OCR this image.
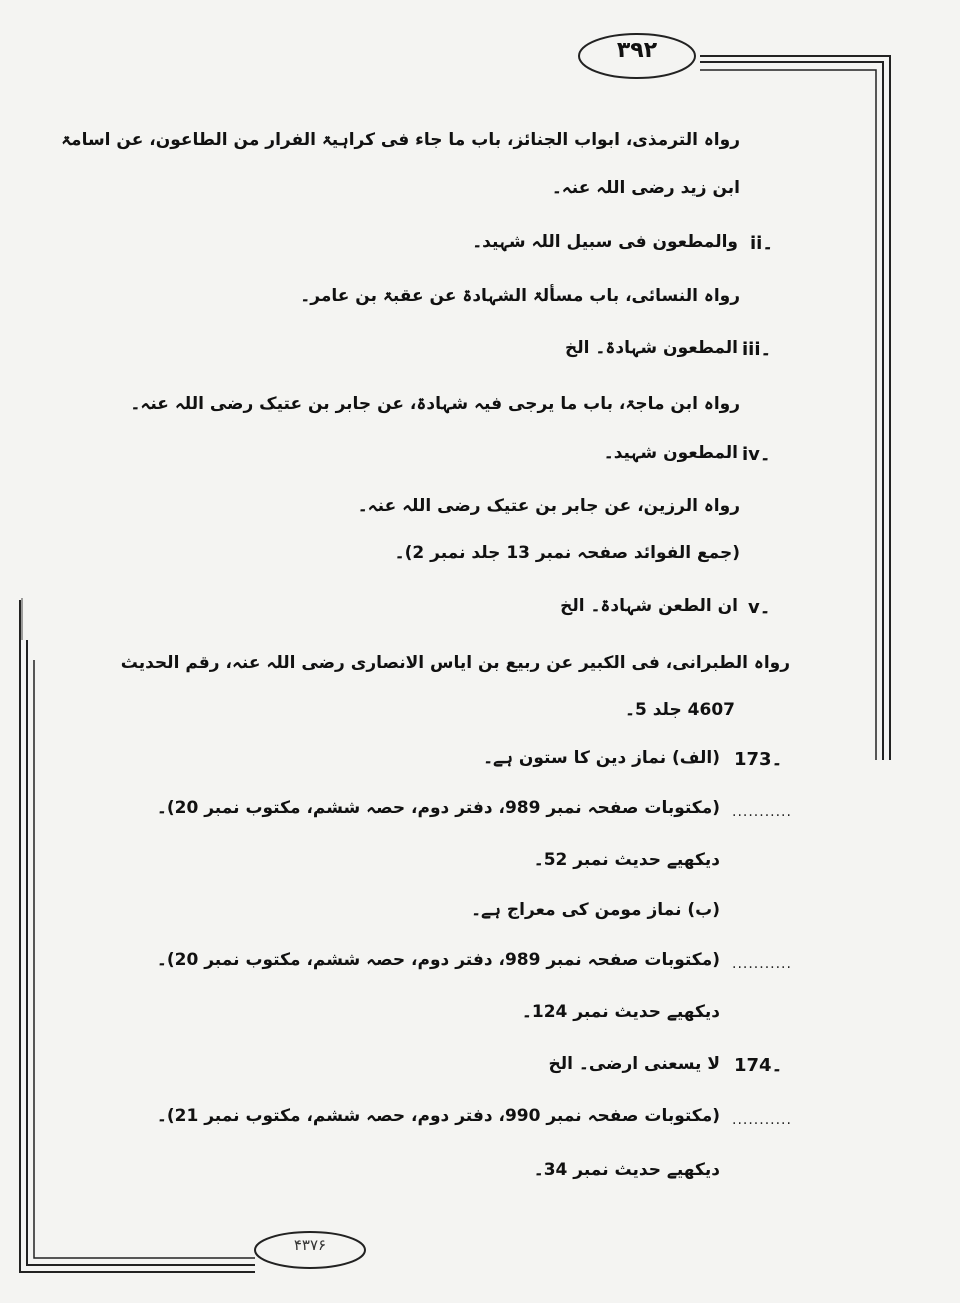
٣٩٢
۴۳۷۶
رواہ الترمذی، ابواب الجنائز، باب ما جاء فی کراہیۃ الفرار من الطاعون، عن اسامۃ
ابن زید رضی اللہ عنہ۔
ii۔
والمطعون فی سبیل اللہ شہید۔
رواہ النسائی، باب مسألۃ الشہادۃ عن عقبۃ بن عامر۔
iii۔
المطعون شہادۃ۔ الخ
رواہ ابن ماجۃ، باب ما یرجی فیہ شہادۃ، عن جابر بن عتیک رضی اللہ عنہ۔
iv۔
المطعون شہید۔
رواہ الرزین، عن جابر بن عتیک رضی اللہ عنہ۔
(جمع الفوائد صفحہ نمبر 13 جلد نمبر 2)۔
v۔
ان الطعن شہادۃ۔ الخ
رواہ الطبرانی، فی الکبیر عن ربیع بن ایاس الانصاری رضی اللہ عنہ، رقم الحدیث
4607 جلد 5۔
173۔
(الف) نماز دین کا ستون ہے۔
...........
(مکتوبات صفحہ نمبر 989، دفتر دوم، حصہ ششم، مکتوب نمبر 20)۔
دیکھیے حدیث نمبر 52۔
(ب) نماز مومن کی معراج ہے۔
...........
(مکتوبات صفحہ نمبر 989، دفتر دوم، حصہ ششم، مکتوب نمبر 20)۔
دیکھیے حدیث نمبر 124۔
174۔
لا یسعنی ارضی۔ الخ
...........
(مکتوبات صفحہ نمبر 990، دفتر دوم، حصہ ششم، مکتوب نمبر 21)۔
دیکھیے حدیث نمبر 34۔
